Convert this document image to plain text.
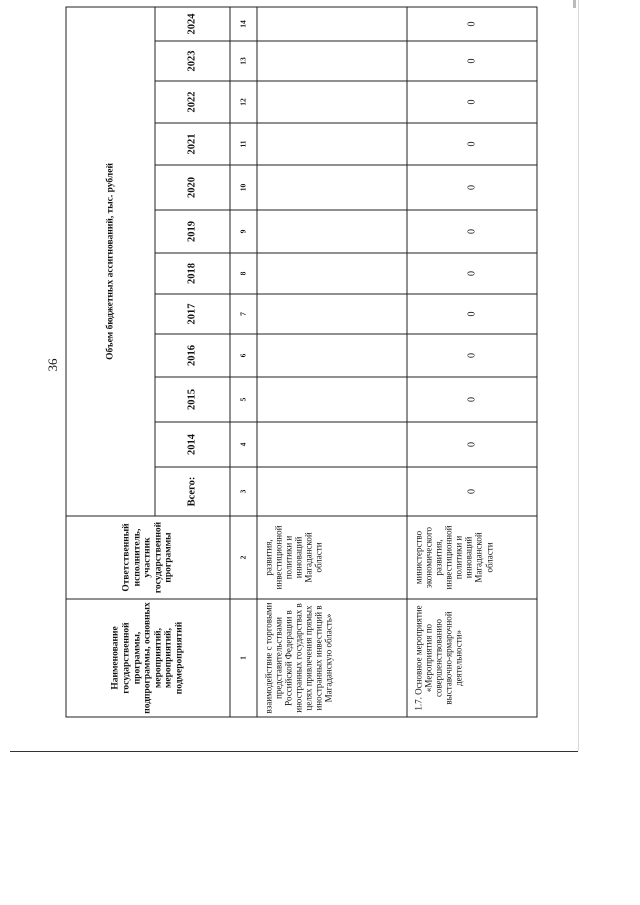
36
Наименование государственной программы, подпрограммы, основных мероприятий, мероприятий, подмероприятий	Ответственный исполнитель, участник государственной программы	Объем бюджетных ассигнований, тыс. рублей											
		Всего:	2014	2015	2016	2017	2018	2019	2020	2021	2022	2023	2024
1	2	3	4	5	6	7	8	9	10	11	12	13	14
взаимодействие с торговыми представительствами Российской Федерации в иностранных государствах в целях привлечения прямых иностранных инвестиций в Магаданскую область»	развития, инвестиционной политики и инноваций Магаданской области												
1.7. Основное мероприятие «Мероприятия по совершенствованию выставочно-ярмарочной деятельности»	министерство экономического развития, инвестиционной политики и инноваций Магаданской области	0	0	0	0	0	0	0	0	0	0	0	0
